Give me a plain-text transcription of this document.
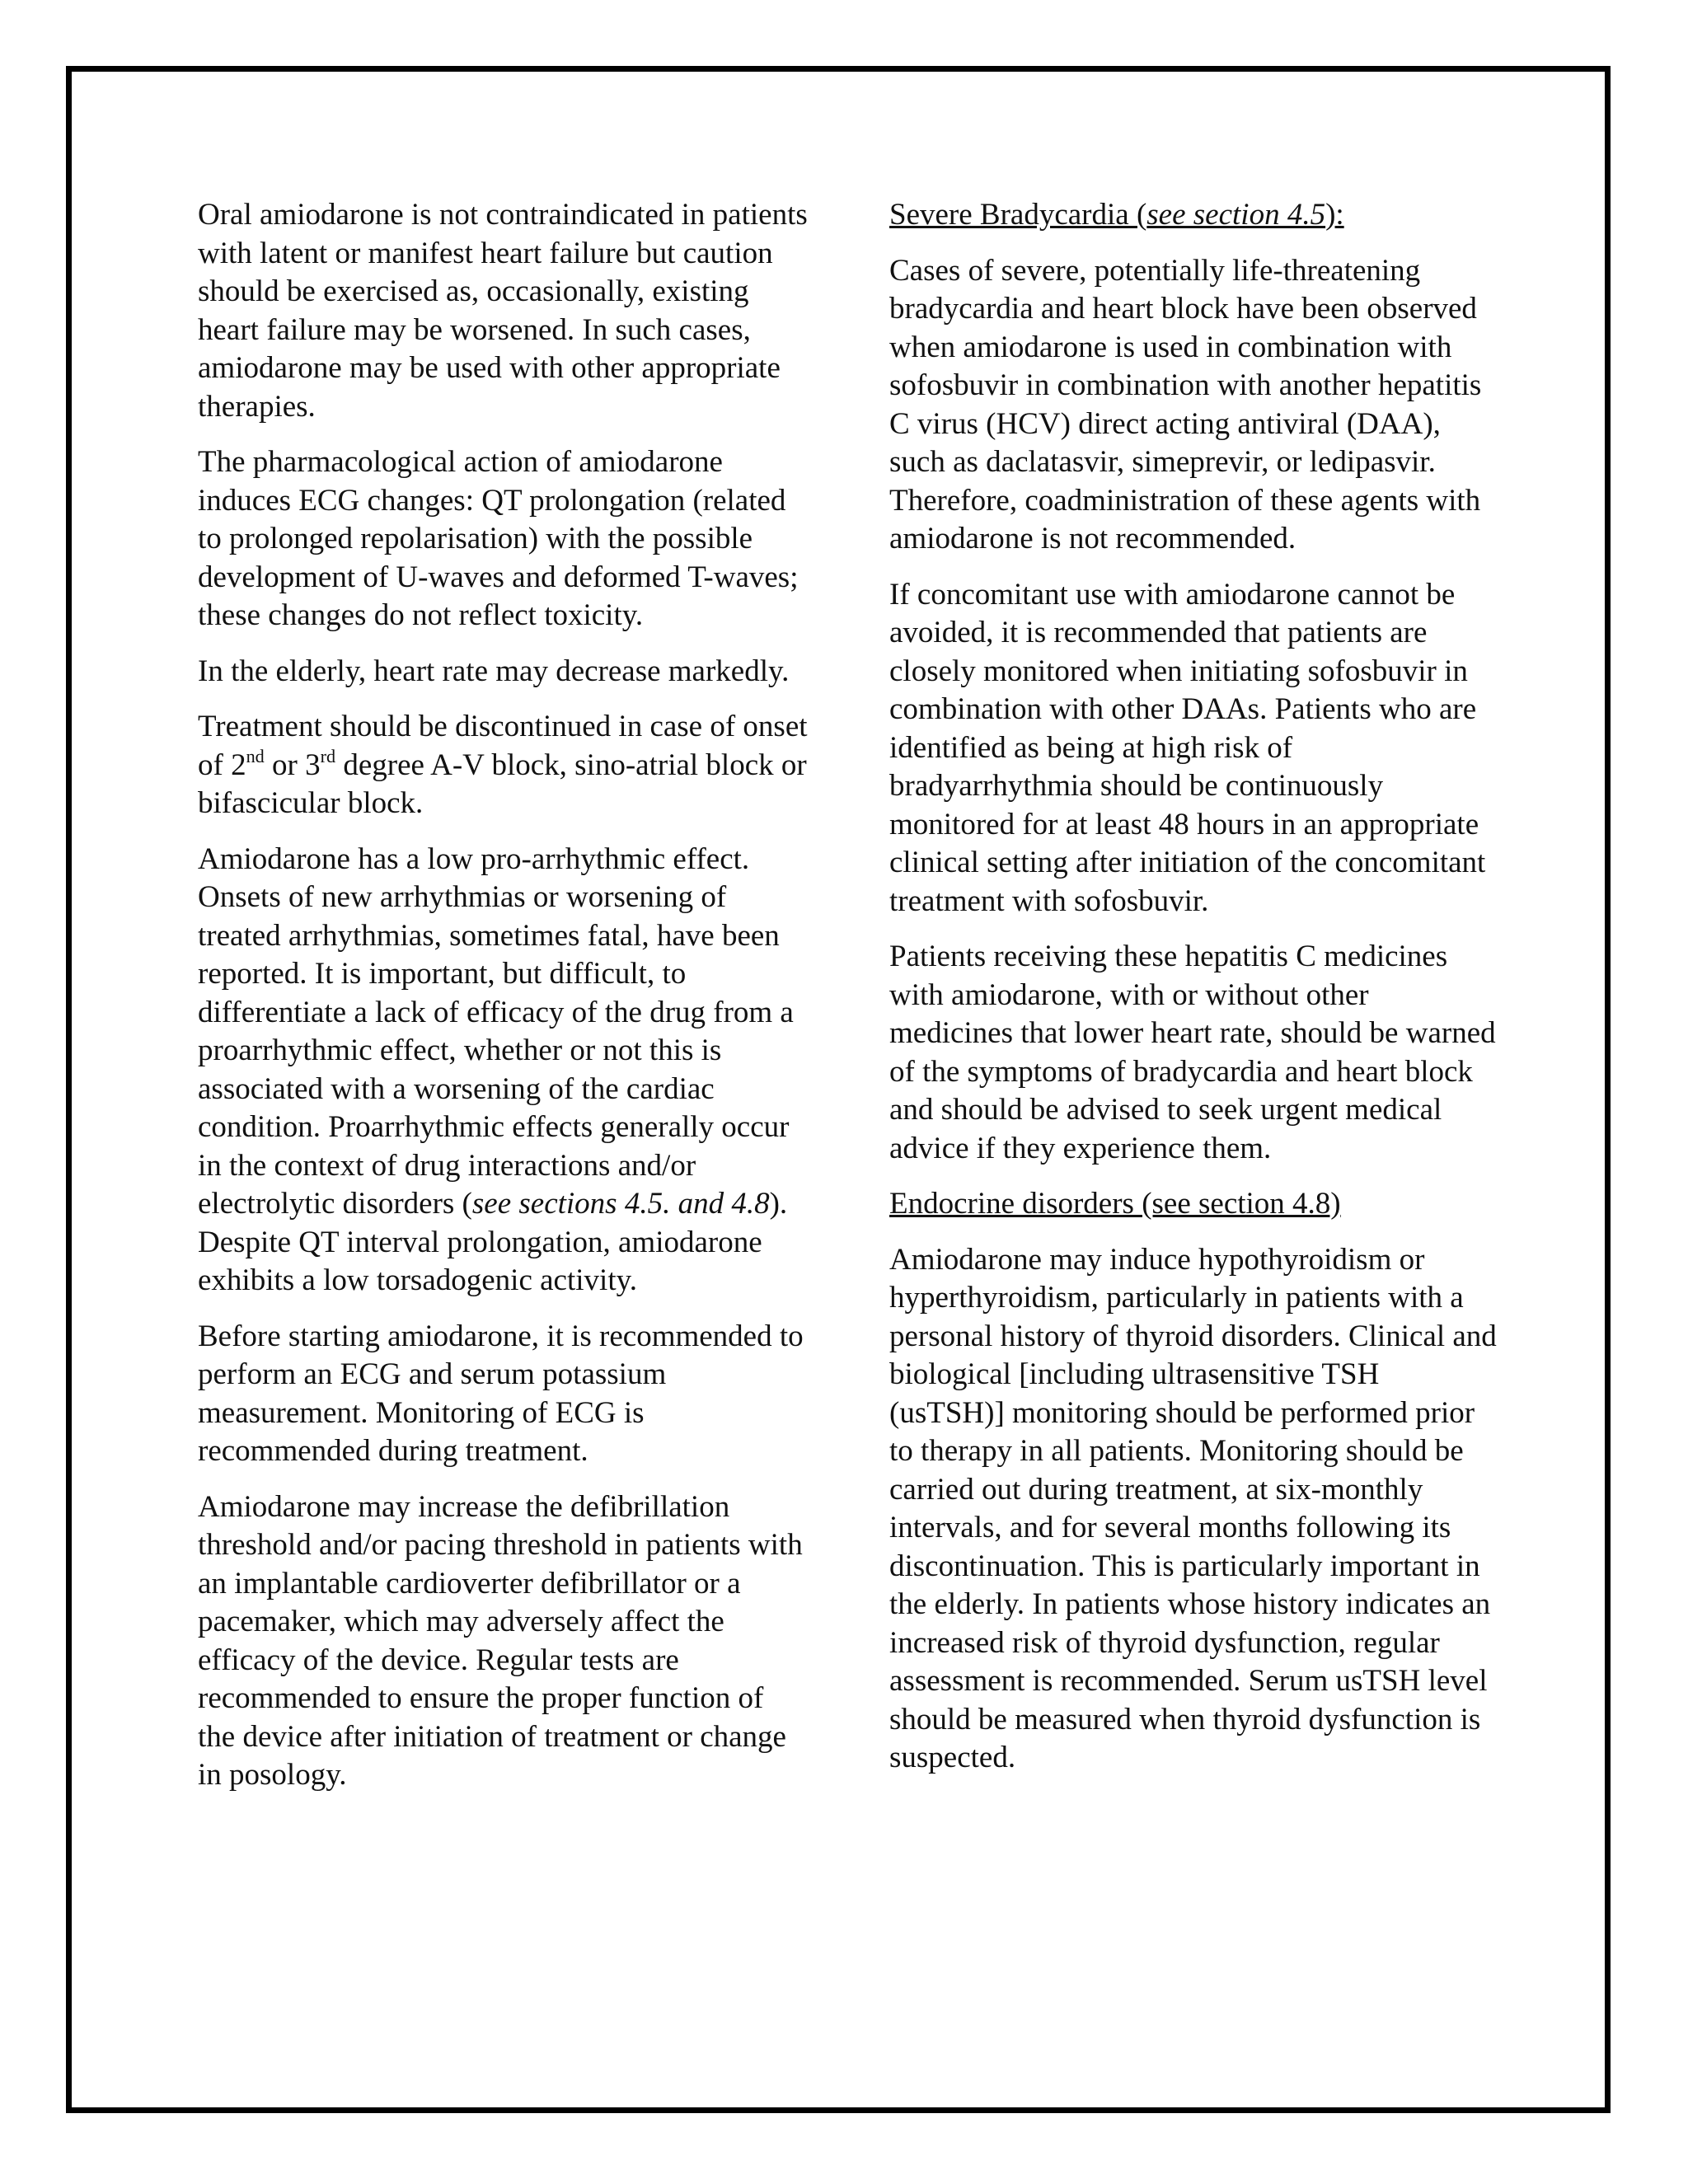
Oral amiodarone is not contraindicated in patients with latent or manifest heart failure but caution should be exercised as, occasionally, existing heart failure may be worsened. In such cases, amiodarone may be used with other appropriate therapies.

The pharmacological action of amiodarone induces ECG changes: QT prolongation (related to prolonged repolarisation) with the possible development of U-waves and deformed T-waves; these changes do not reflect toxicity.

In the elderly, heart rate may decrease markedly.

Treatment should be discontinued in case of onset of 2nd or 3rd degree A-V block, sino-atrial block or bifascicular block.

Amiodarone has a low pro-arrhythmic effect. Onsets of new arrhythmias or worsening of treated arrhythmias, sometimes fatal, have been reported. It is important, but difficult, to differentiate a lack of efficacy of the drug from a proarrhythmic effect, whether or not this is associated with a worsening of the cardiac condition. Proarrhythmic effects generally occur in the context of drug interactions and/or electrolytic disorders (see sections 4.5. and 4.8). Despite QT interval prolongation, amiodarone exhibits a low torsadogenic activity.

Before starting amiodarone, it is recommended to perform an ECG and serum potassium measurement. Monitoring of ECG is recommended during treatment.

Amiodarone may increase the defibrillation threshold and/or pacing threshold in patients with an implantable cardioverter defibrillator or a pacemaker, which may adversely affect the efficacy of the device. Regular tests are recommended to ensure the proper function of the device after initiation of treatment or change in posology.

Severe Bradycardia (see section 4.5):

Cases of severe, potentially life-threatening bradycardia and heart block have been observed when amiodarone is used in combination with sofosbuvir in combination with another hepatitis C virus (HCV) direct acting antiviral (DAA), such as daclatasvir, simeprevir, or ledipasvir. Therefore, coadministration of these agents with amiodarone is not recommended.

If concomitant use with amiodarone cannot be avoided, it is recommended that patients are closely monitored when initiating sofosbuvir in combination with other DAAs. Patients who are identified as being at high risk of bradyarrhythmia should be continuously monitored for at least 48 hours in an appropriate clinical setting after initiation of the concomitant treatment with sofosbuvir.

Patients receiving these hepatitis C medicines with amiodarone, with or without other medicines that lower heart rate, should be warned of the symptoms of bradycardia and heart block and should be advised to seek urgent medical advice if they experience them.

Endocrine disorders (see section 4.8)

Amiodarone may induce hypothyroidism or hyperthyroidism, particularly in patients with a personal history of thyroid disorders. Clinical and biological [including ultrasensitive TSH (usTSH)] monitoring should be performed prior to therapy in all patients. Monitoring should be carried out during treatment, at six-monthly intervals, and for several months following its discontinuation. This is particularly important in the elderly. In patients whose history indicates an increased risk of thyroid dysfunction, regular assessment is recommended. Serum usTSH level should be measured when thyroid dysfunction is suspected.
